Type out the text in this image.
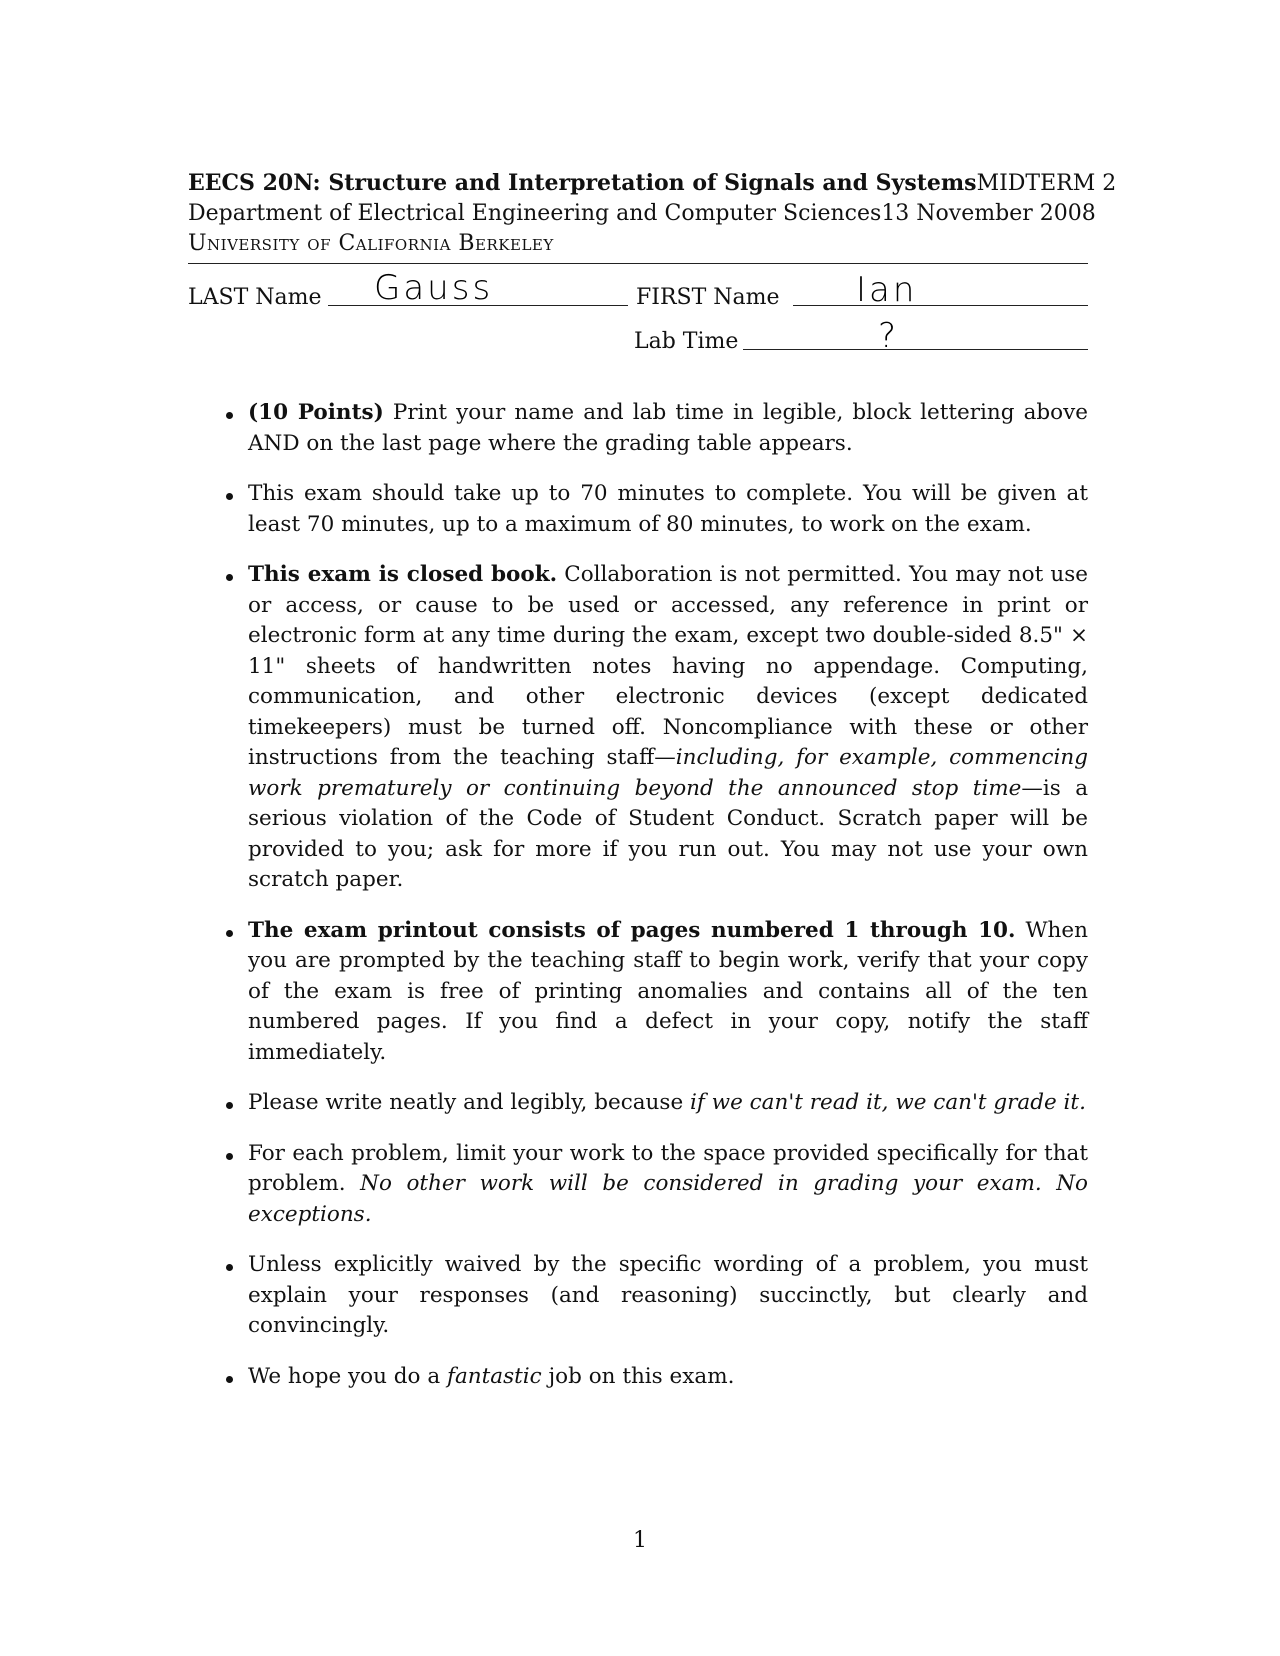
EECS 20N: Structure and Interpretation of Signals and Systems MIDTERM 2
Department of Electrical Engineering and Computer Sciences 13 November 2008
University of California Berkeley
LAST Name Gauss	FIRST Name Ian
Lab Time	?
(10 Points) Print your name and lab time in legible, block lettering above AND on the last page where the grading table appears.
This exam should take up to 70 minutes to complete. You will be given at least 70 minutes, up to a maximum of 80 minutes, to work on the exam.
This exam is closed book. Collaboration is not permitted. You may not use or access, or cause to be used or accessed, any reference in print or electronic form at any time during the exam, except two double-sided 8.5" × 11" sheets of handwritten notes having no appendage. Computing, communication, and other electronic devices (except dedicated timekeepers) must be turned off. Noncompliance with these or other instructions from the teaching staff—including, for example, commencing work prematurely or continuing beyond the announced stop time—is a serious violation of the Code of Student Conduct. Scratch paper will be provided to you; ask for more if you run out. You may not use your own scratch paper.
The exam printout consists of pages numbered 1 through 10. When you are prompted by the teaching staff to begin work, verify that your copy of the exam is free of printing anomalies and contains all of the ten numbered pages. If you find a defect in your copy, notify the staff immediately.
Please write neatly and legibly, because if we can't read it, we can't grade it.
For each problem, limit your work to the space provided specifically for that problem. No other work will be considered in grading your exam. No exceptions.
Unless explicitly waived by the specific wording of a problem, you must explain your responses (and reasoning) succinctly, but clearly and convincingly.
We hope you do a fantastic job on this exam.
1
